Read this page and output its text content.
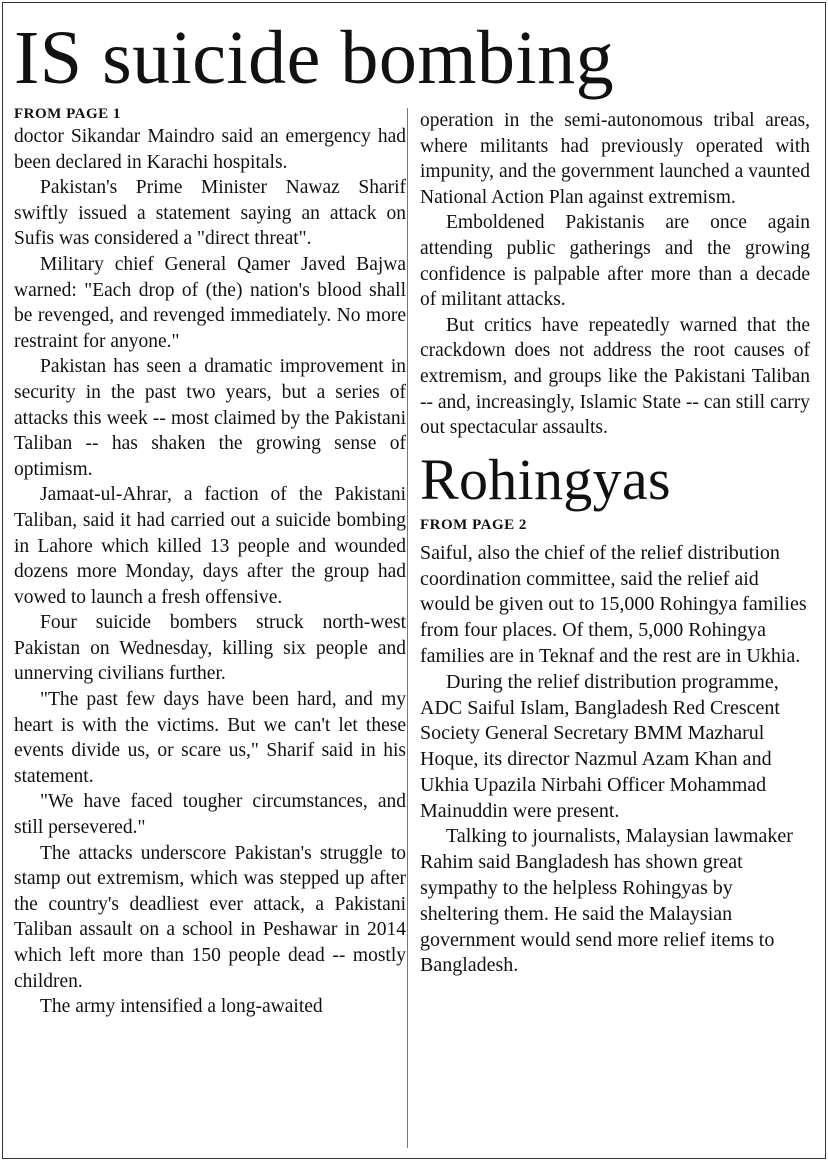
IS suicide bombing
FROM PAGE 1

doctor Sikandar Maindro said an emergency had been declared in Karachi hospitals.

Pakistan's Prime Minister Nawaz Sharif swiftly issued a statement saying an attack on Sufis was considered a "direct threat".

Military chief General Qamer Javed Bajwa warned: "Each drop of (the) nation's blood shall be revenged, and revenged immediately. No more restraint for anyone."

Pakistan has seen a dramatic improvement in security in the past two years, but a series of attacks this week -- most claimed by the Pakistani Taliban -- has shaken the growing sense of optimism.

Jamaat-ul-Ahrar, a faction of the Pakistani Taliban, said it had carried out a suicide bombing in Lahore which killed 13 people and wounded dozens more Monday, days after the group had vowed to launch a fresh offensive.

Four suicide bombers struck north-west Pakistan on Wednesday, killing six people and unnerving civilians further.

"The past few days have been hard, and my heart is with the victims. But we can't let these events divide us, or scare us," Sharif said in his statement.

"We have faced tougher circumstances, and still persevered."

The attacks underscore Pakistan's struggle to stamp out extremism, which was stepped up after the country's deadliest ever attack, a Pakistani Taliban assault on a school in Peshawar in 2014 which left more than 150 people dead -- mostly children.

The army intensified a long-awaited

operation in the semi-autonomous tribal areas, where militants had previously operated with impunity, and the government launched a vaunted National Action Plan against extremism.

Emboldened Pakistanis are once again attending public gatherings and the growing confidence is palpable after more than a decade of militant attacks.

But critics have repeatedly warned that the crackdown does not address the root causes of extremism, and groups like the Pakistani Taliban -- and, increasingly, Islamic State -- can still carry out spectacular assaults.

Rohingyas
FROM PAGE 2

Saiful, also the chief of the relief distribution coordination committee, said the relief aid would be given out to 15,000 Rohingya families from four places. Of them, 5,000 Rohingya families are in Teknaf and the rest are in Ukhia.

During the relief distribution programme, ADC Saiful Islam, Bangladesh Red Crescent Society General Secretary BMM Mazharul Hoque, its director Nazmul Azam Khan and Ukhia Upazila Nirbahi Officer Mohammad Mainuddin were present.

Talking to journalists, Malaysian lawmaker Rahim said Bangladesh has shown great sympathy to the helpless Rohingyas by sheltering them. He said the Malaysian government would send more relief items to Bangladesh.
